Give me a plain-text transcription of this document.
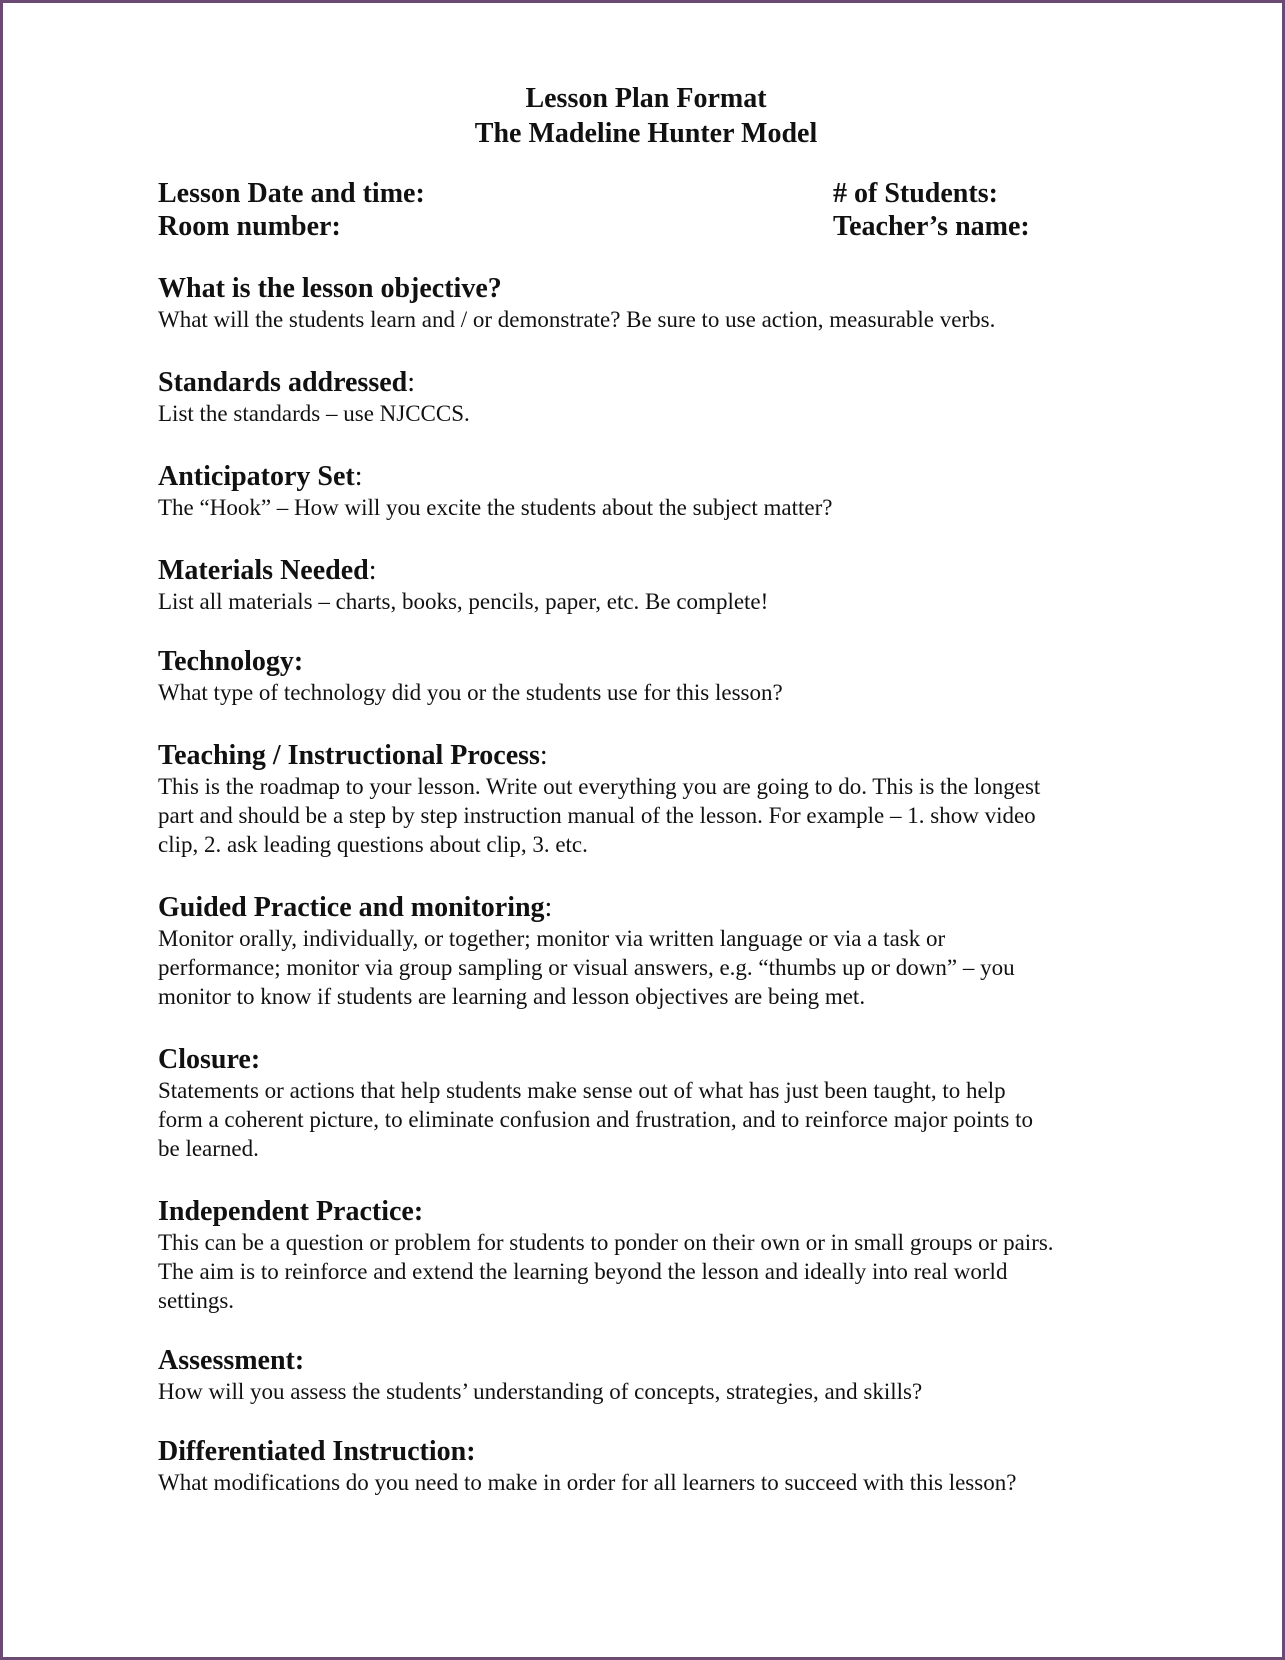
Lesson Plan Format
The Madeline Hunter Model
Lesson Date and time:	# of Students:
Room number:	Teacher’s name:
What is the lesson objective?
What will the students learn and / or demonstrate? Be sure to use action, measurable verbs.
Standards addressed:
List the standards – use NJCCCS.
Anticipatory Set:
The “Hook” – How will you excite the students about the subject matter?
Materials Needed:
List all materials – charts, books, pencils, paper, etc. Be complete!
Technology:
What type of technology did you or the students use for this lesson?
Teaching / Instructional Process:
This is the roadmap to your lesson. Write out everything you are going to do. This is the longest
part and should be a step by step instruction manual of the lesson. For example – 1. show video
clip, 2. ask leading questions about clip, 3. etc.
Guided Practice and monitoring:
Monitor orally, individually, or together; monitor via written language or via a task or
performance; monitor via group sampling or visual answers, e.g. “thumbs up or down” – you
monitor to know if students are learning and lesson objectives are being met.
Closure:
Statements or actions that help students make sense out of what has just been taught, to help
form a coherent picture, to eliminate confusion and frustration, and to reinforce major points to
be learned.
Independent Practice:
This can be a question or problem for students to ponder on their own or in small groups or pairs.
The aim is to reinforce and extend the learning beyond the lesson and ideally into real world
settings.
Assessment:
How will you assess the students’ understanding of concepts, strategies, and skills?
Differentiated Instruction:
What modifications do you need to make in order for all learners to succeed with this lesson?
